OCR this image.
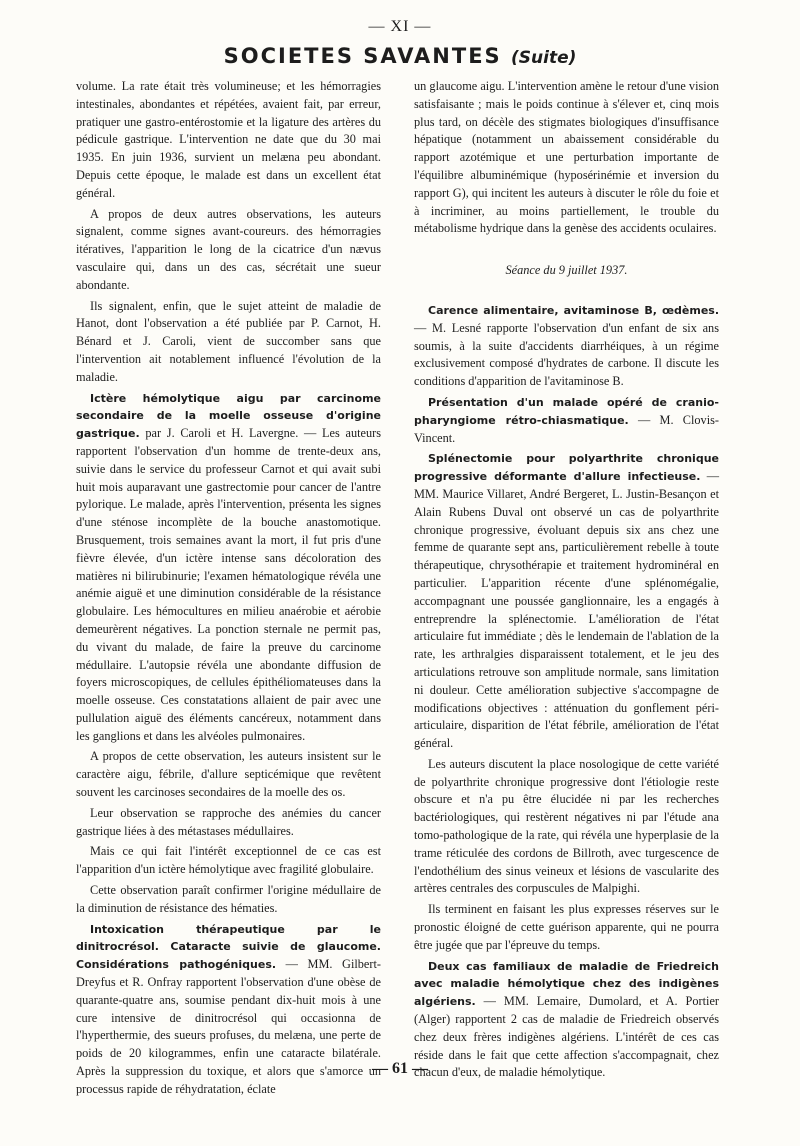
— XI —
SOCIETES SAVANTES (Suite)

volume. La rate était très volumineuse; et les hémorragies intestinales, abondantes et répétées, avaient fait, par erreur, pratiquer une gastro-entérostomie et la ligature des artères du pédicule gastrique. L'intervention ne date que du 30 mai 1935. En juin 1936, survient un melæna peu abondant. Depuis cette époque, le malade est dans un excellent état général.

A propos de deux autres observations, les auteurs signalent, comme signes avant-coureurs. des hémorragies itératives, l'apparition le long de la cicatrice d'un nævus vasculaire qui, dans un des cas, sécrétait une sueur abondante.

Ils signalent, enfin, que le sujet atteint de maladie de Hanot, dont l'observation a été publiée par P. Carnot, H. Bénard et J. Caroli, vient de succomber sans que l'intervention ait notablement influencé l'évolution de la maladie.

Ictère hémolytique aigu par carcinome secondaire de la moelle osseuse d'origine gastrique. par J. Caroli et H. Lavergne. — Les auteurs rapportent l'observation d'un homme de trente-deux ans, suivie dans le service du professeur Carnot et qui avait subi huit mois auparavant une gastrectomie pour cancer de l'antre pylorique. Le malade, après l'intervention, présenta les signes d'une sténose incomplète de la bouche anastomotique. Brusquement, trois semaines avant la mort, il fut pris d'une fièvre élevée, d'un ictère intense sans décoloration des matières ni bilirubinurie; l'examen hématologique révéla une anémie aiguë et une diminution considérable de la résistance globulaire. Les hémocultures en milieu anaérobie et aérobie demeurèrent négatives. La ponction sternale ne permit pas, du vivant du malade, de faire la preuve du carcinome médullaire. L'autopsie révéla une abondante diffusion de foyers microscopiques, de cellules épithéliomateuses dans la moelle osseuse. Ces constatations allaient de pair avec une pullulation aiguë des éléments cancéreux, notamment dans les ganglions et dans les alvéoles pulmonaires.

A propos de cette observation, les auteurs insistent sur le caractère aigu, fébrile, d'allure septicémique que revêtent souvent les carcinoses secondaires de la moelle des os.

Leur observation se rapproche des anémies du cancer gastrique liées à des métastases médullaires.

Mais ce qui fait l'intérêt exceptionnel de ce cas est l'apparition d'un ictère hémolytique avec fragilité globulaire.

Cette observation paraît confirmer l'origine médullaire de la diminution de résistance des hématies.

Intoxication thérapeutique par le dinitrocrésol. Cataracte suivie de glaucome. Considérations pathogéniques. — MM. Gilbert-Dreyfus et R. Onfray rapportent l'observation d'une obèse de quarante-quatre ans, soumise pendant dix-huit mois à une cure intensive de dinitrocrésol qui occasionna de l'hyperthermie, des sueurs profuses, du melæna, une perte de poids de 20 kilogrammes, enfin une cataracte bilatérale. Après la suppression du toxique, et alors que s'amorce un processus rapide de réhydratation, éclate

un glaucome aigu. L'intervention amène le retour d'une vision satisfaisante ; mais le poids continue à s'élever et, cinq mois plus tard, on décèle des stigmates biologiques d'insuffisance hépatique (notamment un abaissement considérable du rapport azotémique et une perturbation importante de l'équilibre albuminémique (hyposérinémie et inversion du rapport G), qui incitent les auteurs à discuter le rôle du foie et à incriminer, au moins partiellement, le trouble du métabolisme hydrique dans la genèse des accidents oculaires.

Séance du 9 juillet 1937.

Carence alimentaire, avitaminose B, œdèmes. — M. Lesné rapporte l'observation d'un enfant de six ans soumis, à la suite d'accidents diarrhéiques, à un régime exclusivement composé d'hydrates de carbone. Il discute les conditions d'apparition de l'avitaminose B.

Présentation d'un malade opéré de cranio-pharyngiome rétro-chiasmatique. — M. Clovis-Vincent.

Splénectomie pour polyarthrite chronique progressive déformante d'allure infectieuse. — MM. Maurice Villaret, André Bergeret, L. Justin-Besançon et Alain Rubens Duval ont observé un cas de polyarthrite chronique progressive, évoluant depuis six ans chez une femme de quarante sept ans, particulièrement rebelle à toute thérapeutique, chrysothérapie et traitement hydrominéral en particulier. L'apparition récente d'une splénomégalie, accompagnant une poussée ganglionnaire, les a engagés à entreprendre la splénectomie. L'amélioration de l'état articulaire fut immédiate ; dès le lendemain de l'ablation de la rate, les arthralgies disparaissent totalement, et le jeu des articulations retrouve son amplitude normale, sans limitation ni douleur. Cette amélioration subjective s'accompagne de modifications objectives : atténuation du gonflement péri-articulaire, disparition de l'état fébrile, amélioration de l'état général.

Les auteurs discutent la place nosologique de cette variété de polyarthrite chronique progressive dont l'étiologie reste obscure et n'a pu être élucidée ni par les recherches bactériologiques, qui restèrent négatives ni par l'étude ana tomo-pathologique de la rate, qui révéla une hyperplasie de la trame réticulée des cordons de Billroth, avec turgescence de l'endothélium des sinus veineux et lésions de vascularite des artères centrales des corpuscules de Malpighi.

Ils terminent en faisant les plus expresses réserves sur le pronostic éloigné de cette guérison apparente, qui ne pourra être jugée que par l'épreuve du temps.

Deux cas familiaux de maladie de Friedreich avec maladie hémolytique chez des indigènes algériens. — MM. Lemaire, Dumolard, et A. Portier (Alger) rapportent 2 cas de maladie de Friedreich observés chez deux frères indigènes algériens. L'intérêt de ces cas réside dans le fait que cette affection s'accompagnait, chez chacun d'eux, de maladie hémolytique.

— 61 —
